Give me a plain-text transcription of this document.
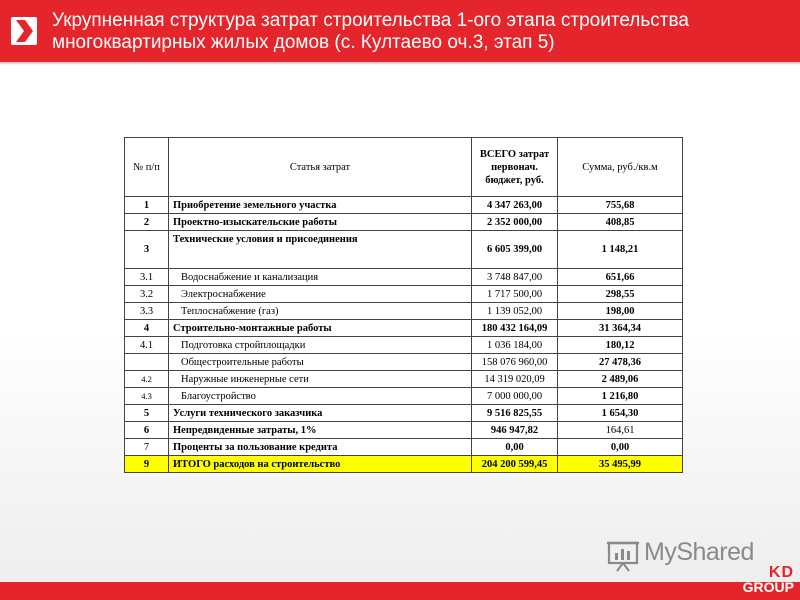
Укрупненная структура затрат строительства 1-ого этапа строительства
многоквартирных жилых домов (с. Култаево оч.3, этап 5)
№ п/п	Статья затрат	ВСЕГО затрат первонач. бюджет, руб.	Сумма, руб./кв.м
1	Приобретение земельного участка	4 347 263,00	755,68
2	Проектно-изыскательские работы	2 352 000,00	408,85
3	Технические условия и присоединения	6 605 399,00	1 148,21
3.1	Водоснабжение и канализация	3 748 847,00	651,66
3.2	Электроснабжение	1 717 500,00	298,55
3.3	Теплоснабжение (газ)	1 139 052,00	198,00
4	Строительно-монтажные работы	180 432 164,09	31 364,34
4.1	Подготовка стройплощадки	1 036 184,00	180,12
	Общестроительные работы	158 076 960,00	27 478,36
4.2	Наружные инженерные сети	14 319 020,09	2 489,06
4.3	Благоустройство	7 000 000,00	1 216,80
5	Услуги технического заказчика	9 516 825,55	1 654,30
6	Непредвиденные затраты, 1%	946 947,82	164,61
7	Проценты за пользование кредита	0,00	0,00
9	ИТОГО расходов на строительство	204 200 599,45	35 495,99
MyShared
KD
GROUP
